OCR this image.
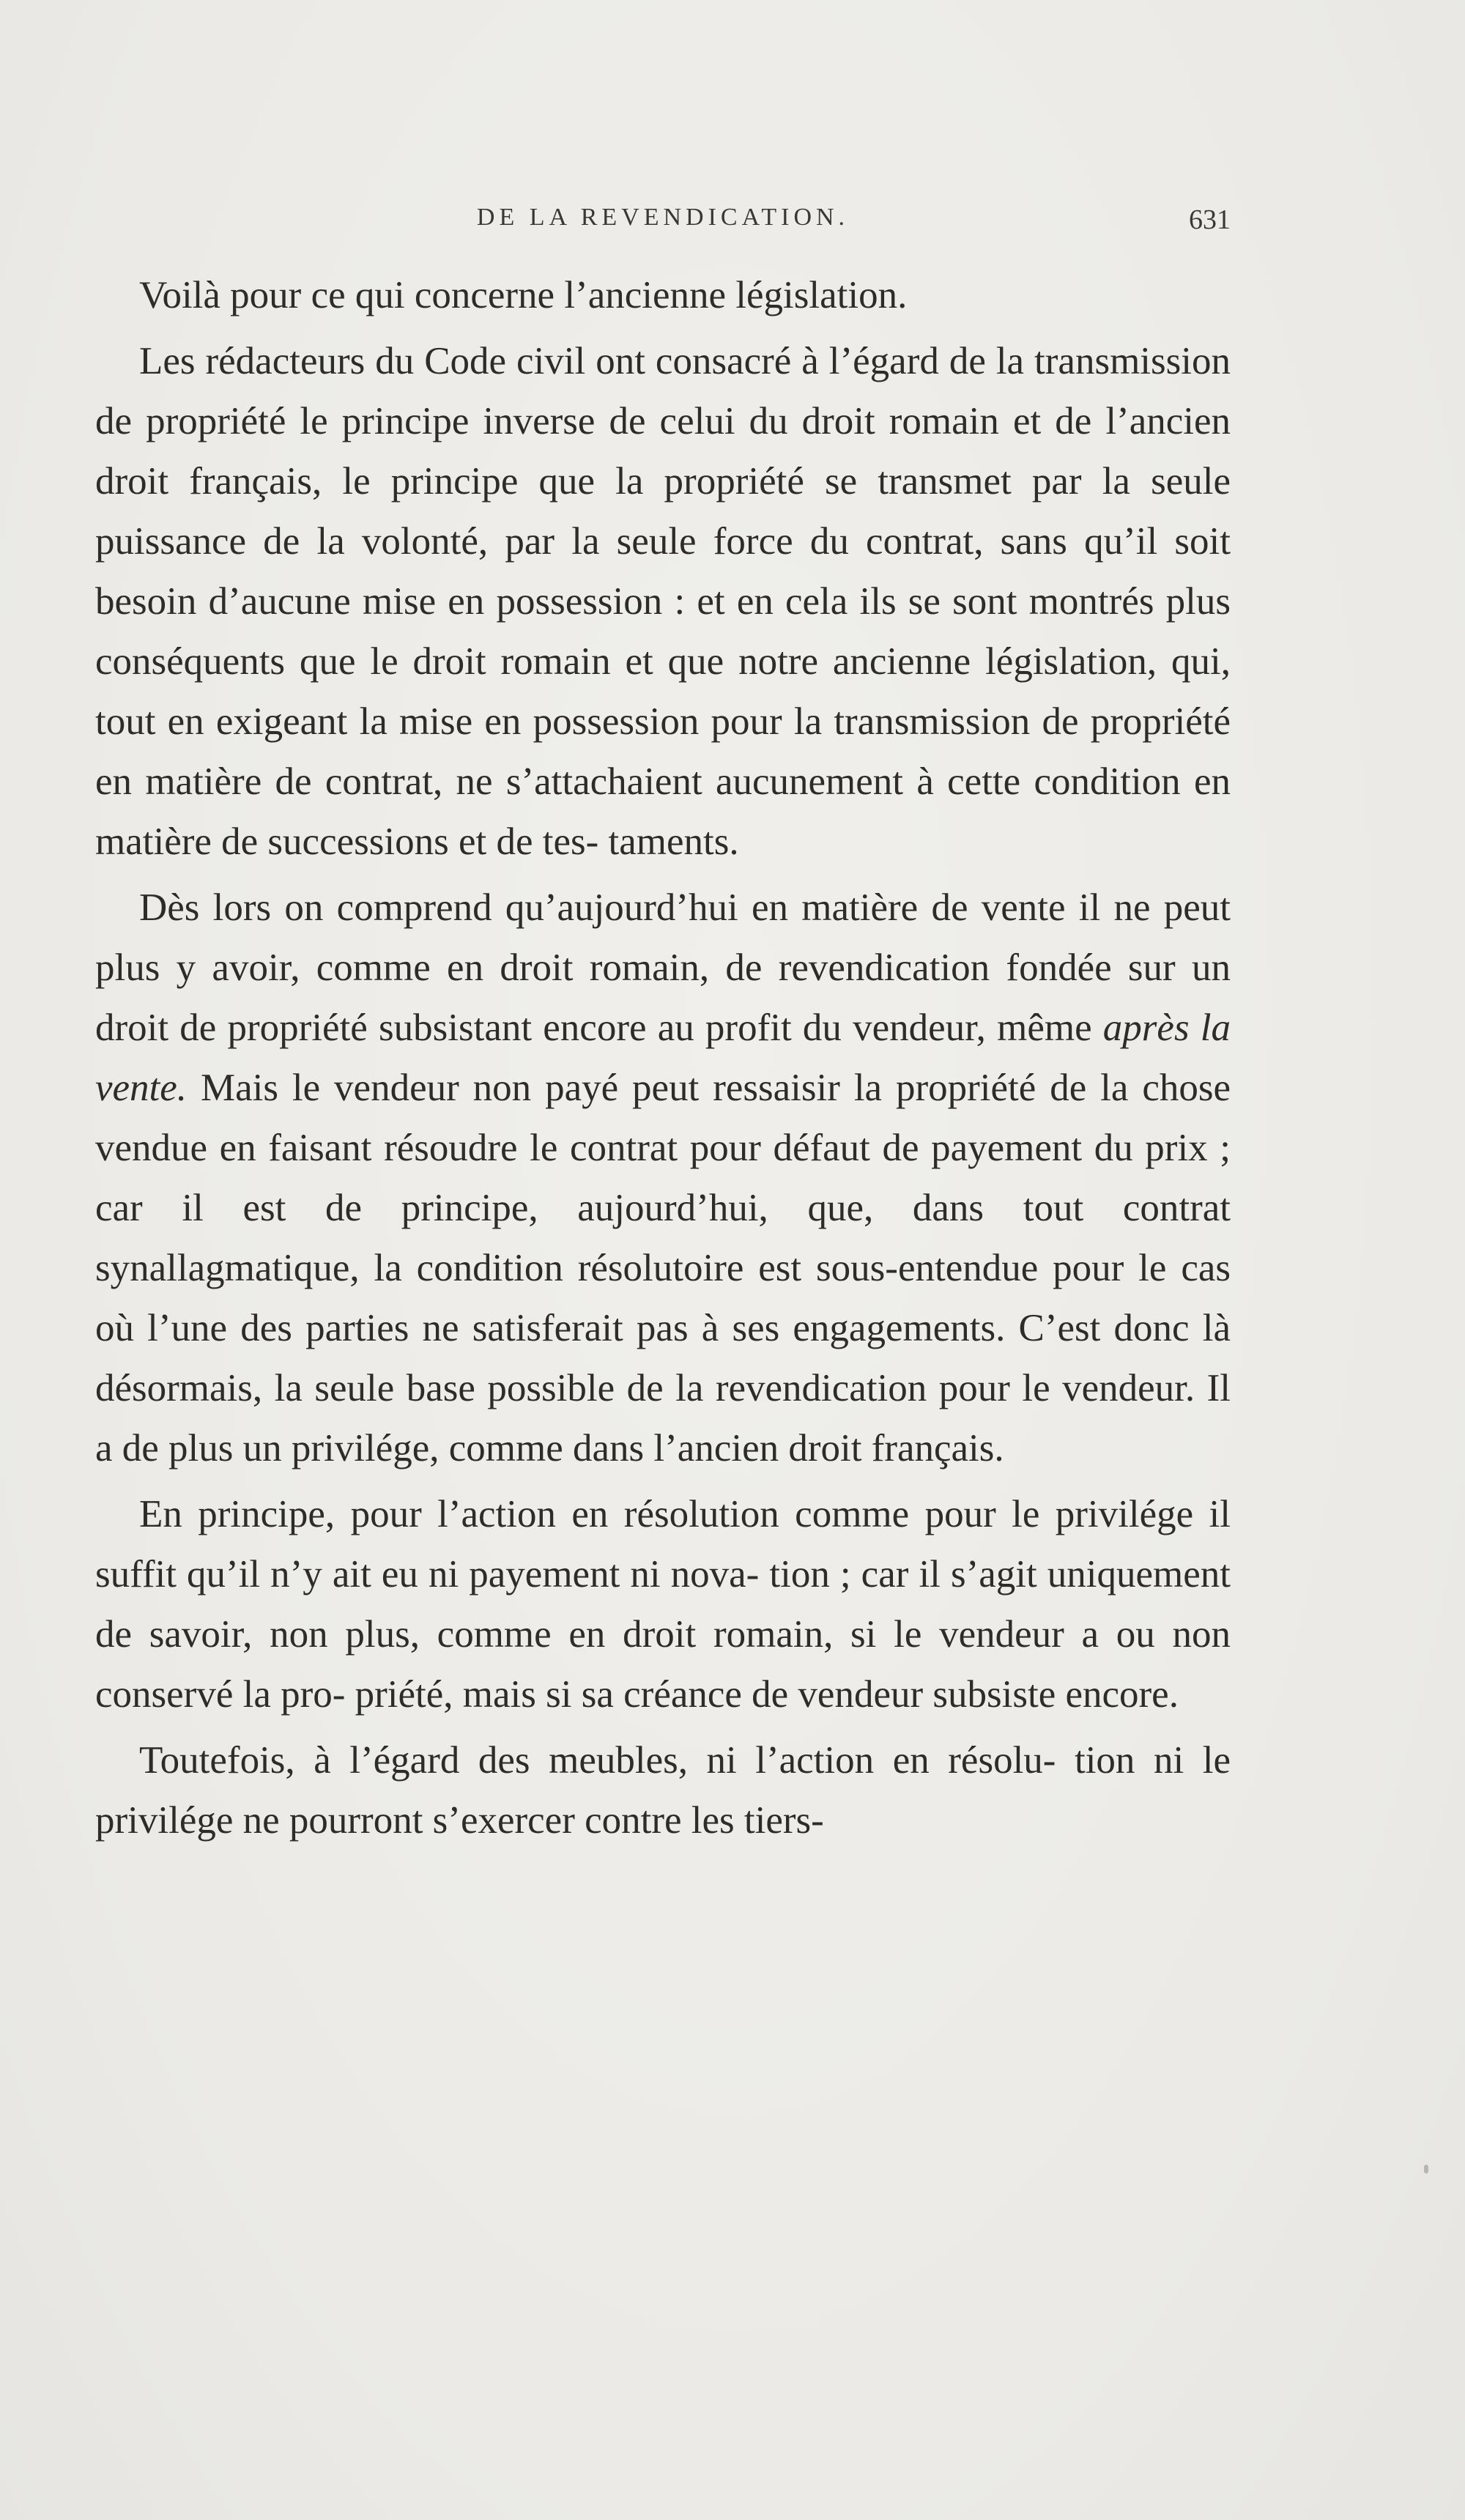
DE LA REVENDICATION.	631

Voilà pour ce qui concerne l’ancienne législation.

Les rédacteurs du Code civil ont consacré à l’égard de la transmission de propriété le principe inverse de celui du droit romain et de l’ancien droit français, le principe que la propriété se transmet par la seule puissance de la volonté, par la seule force du contrat, sans qu’il soit besoin d’aucune mise en possession : et en cela ils se sont montrés plus conséquents que le droit romain et que notre ancienne législation, qui, tout en exigeant la mise en possession pour la transmission de propriété en matière de contrat, ne s’attachaient aucunement à cette condition en matière de successions et de tes- taments.

Dès lors on comprend qu’aujourd’hui en matière de vente il ne peut plus y avoir, comme en droit romain, de revendication fondée sur un droit de propriété subsistant encore au profit du vendeur, même après la vente. Mais le vendeur non payé peut ressaisir la propriété de la chose vendue en faisant résoudre le contrat pour défaut de payement du prix ; car il est de principe, aujourd’hui, que, dans tout contrat synallagmatique, la condition résolutoire est sous-entendue pour le cas où l’une des parties ne satisferait pas à ses engagements. C’est donc là désormais, la seule base possible de la revendication pour le vendeur. Il a de plus un privilége, comme dans l’ancien droit français.

En principe, pour l’action en résolution comme pour le privilége il suffit qu’il n’y ait eu ni payement ni nova- tion ; car il s’agit uniquement de savoir, non plus, comme en droit romain, si le vendeur a ou non conservé la pro- priété, mais si sa créance de vendeur subsiste encore.

Toutefois, à l’égard des meubles, ni l’action en résolu- tion ni le privilége ne pourront s’exercer contre les tiers-
